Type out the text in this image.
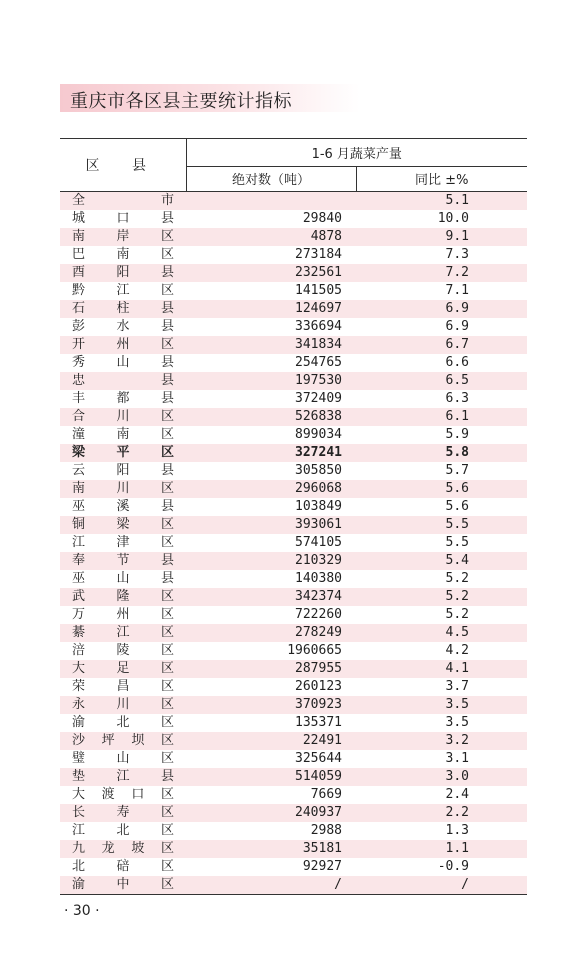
重庆市各区县主要统计指标
区 县	1-6 月蔬菜产量	
	绝对数（吨）	同比 ±%

全 市		5.1

城 口 县	29840	10.0

南 岸 区	4878	9.1

巴 南 区	273184	7.3

酉 阳 县	232561	7.2

黔 江 区	141505	7.1

石 柱 县	124697	6.9

彭 水 县	336694	6.9

开 州 区	341834	6.7

秀 山 县	254765	6.6

忠 县	197530	6.5

丰 都 县	372409	6.3

合 川 区	526838	6.1

潼 南 区	899034	5.9

梁 平 区	327241	5.8

云 阳 县	305850	5.7

南 川 区	296068	5.6

巫 溪 县	103849	5.6

铜 梁 区	393061	5.5

江 津 区	574105	5.5

奉 节 县	210329	5.4

巫 山 县	140380	5.2

武 隆 区	342374	5.2

万 州 区	722260	5.2

綦 江 区	278249	4.5

涪 陵 区	1960665	4.2

大 足 区	287955	4.1

荣 昌 区	260123	3.7

永 川 区	370923	3.5

渝 北 区	135371	3.5

沙 坪 坝 区	22491	3.2

璧 山 区	325644	3.1

垫 江 县	514059	3.0

大 渡 口 区	7669	2.4

长 寿 区	240937	2.2

江 北 区	2988	1.3

九 龙 坡 区	35181	1.1

北 碚 区	92927	-0.9

渝 中 区	/	/
· 30 ·
